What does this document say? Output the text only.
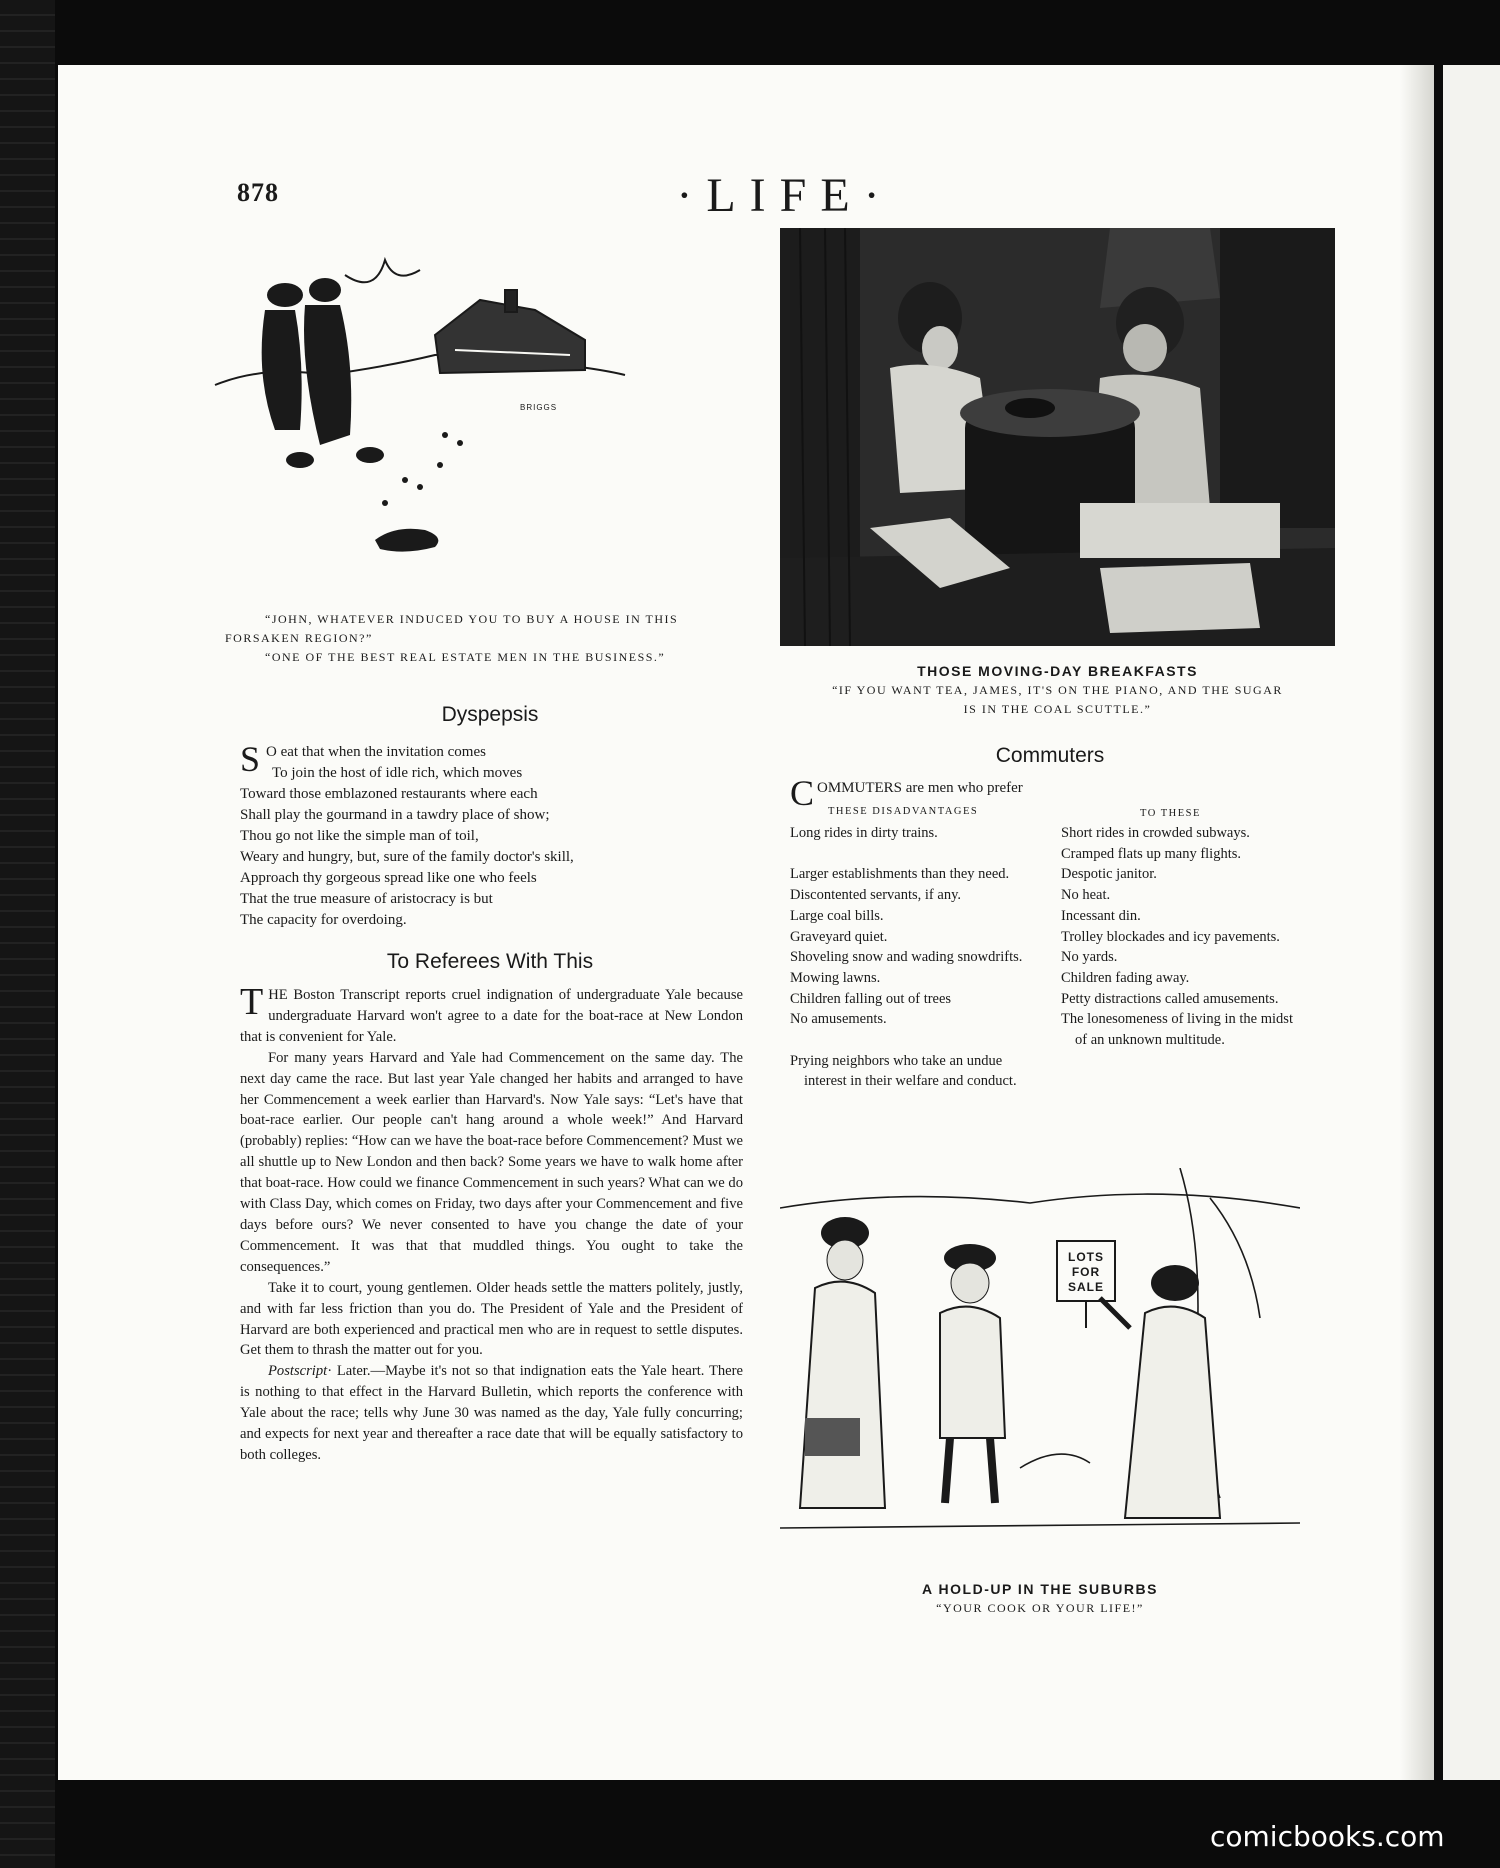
878	·LIFE·
BRIGGS
“JOHN, WHATEVER INDUCED YOU TO BUY A HOUSE IN THIS
FORSAKEN REGION?”
“ONE OF THE BEST REAL ESTATE MEN IN THE BUSINESS.”
THOSE MOVING-DAY BREAKFASTS
“IF YOU WANT TEA, JAMES, IT'S ON THE PIANO, AND THE SUGAR
IS IN THE COAL SCUTTLE.”
Dyspepsis
S O eat that when the invitation comes
To join the host of idle rich, which moves
Toward those emblazoned restaurants where each
Shall play the gourmand in a tawdry place of show;
Thou go not like the simple man of toil,
Weary and hungry, but, sure of the family doctor's skill,
Approach thy gorgeous spread like one who feels
That the true measure of aristocracy is but
The capacity for overdoing.
To Referees With This

THE Boston Transcript reports cruel indignation of undergraduate Yale because undergraduate Harvard won't agree to a date for the boat-race at New London that is convenient for Yale.

For many years Harvard and Yale had Commencement on the same day. The next day came the race. But last year Yale changed her habits and arranged to have her Commencement a week earlier than Harvard's. Now Yale says: “Let's have that boat-race earlier. Our people can't hang around a whole week!” And Harvard (probably) replies: “How can we have the boat-race before Commencement? Must we all shuttle up to New London and then back? Some years we have to walk home after that boat-race. How could we finance Commencement in such years? What can we do with Class Day, which comes on Friday, two days after your Commencement and five days before ours? We never consented to have you change the date of your Commencement. It was that that muddled things. You ought to take the consequences.”

Take it to court, young gentlemen. Older heads settle the matters politely, justly, and with far less friction than you do. The President of Yale and the President of Harvard are both experienced and practical men who are in request to settle disputes. Get them to thrash the matter out for you.

Postscript· Later.—Maybe it's not so that indignation eats the Yale heart. There is nothing to that effect in the Harvard Bulletin, which reports the conference with Yale about the race; tells why June 30 was named as the day, Yale fully concurring; and expects for next year and thereafter a race date that will be equally satisfactory to both colleges.

Commuters
COMMUTERS are men who prefer
THESE DISADVANTAGES	TO THESE
Long rides in dirty trains.
Larger establishments than they need.
Discontented servants, if any.
Large coal bills.
Graveyard quiet.
Shoveling snow and wading snowdrifts.
Mowing lawns.
Children falling out of trees
No amusements.
Prying neighbors who take an undue interest in their welfare and conduct.
Short rides in crowded subways.
Cramped flats up many flights.
Despotic janitor.
No heat.
Incessant din.
Trolley blockades and icy pavements.
No yards.
Children fading away.
Petty distractions called amusements.
The lonesomeness of living in the midst of an unknown multitude.
LOTS FOR SALE
A HOLD-UP IN THE SUBURBS
“YOUR COOK OR YOUR LIFE!”
comicbooks.com
